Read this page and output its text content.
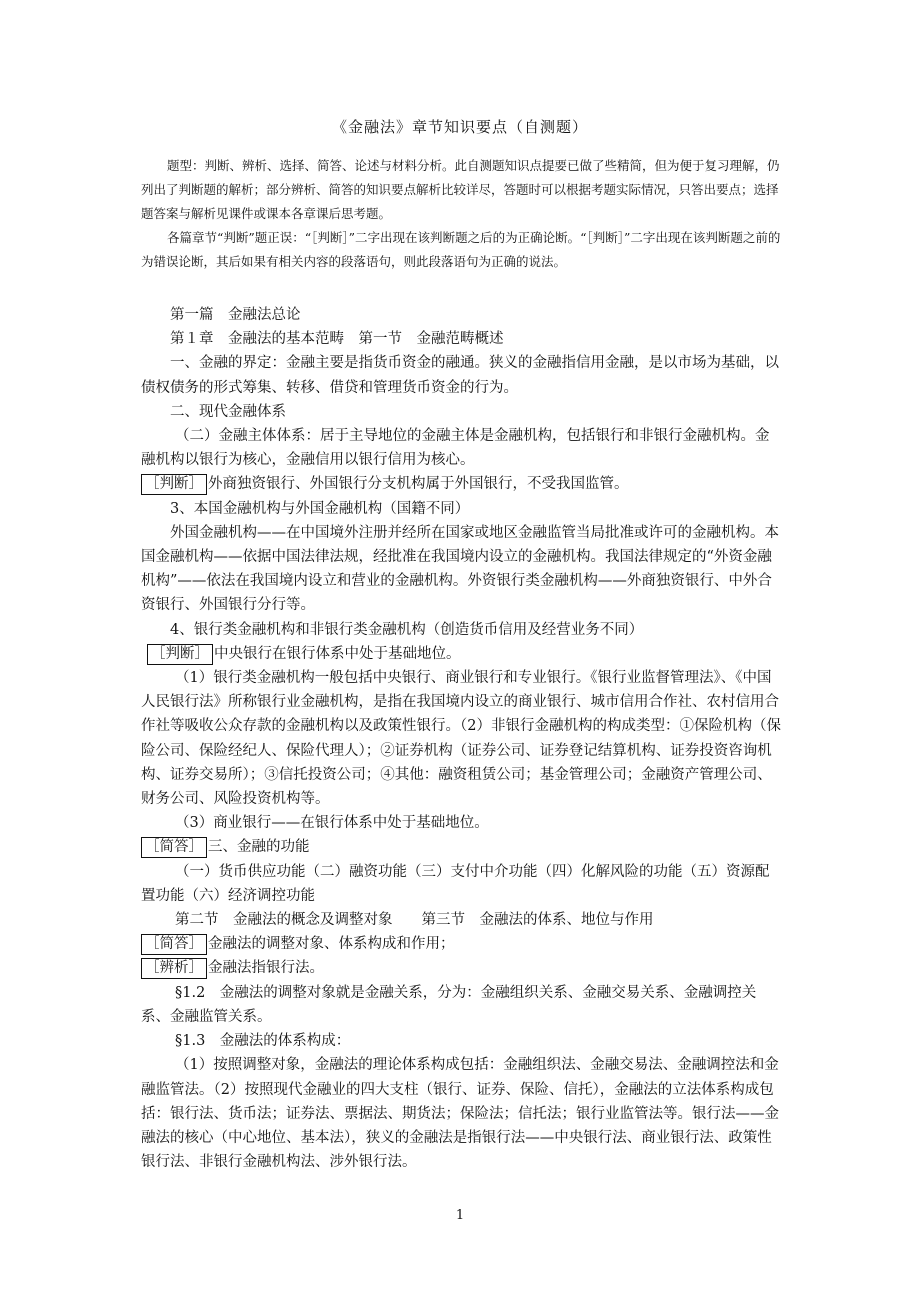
《金融法》章节知识要点（自测题）

题型：判断、辨析、选择、简答、论述与材料分析。此自测题知识点提要已做了些精简，但为便于复习理解，仍列出了判断题的解析；部分辨析、简答的知识要点解析比较详尽，答题时可以根据考题实际情况，只答出要点；选择题答案与解析见课件或课本各章课后思考题。

各篇章节“判断”题正误：“［判断］”二字出现在该判断题之后的为正确论断。“［判断］”二字出现在该判断题之前的为错误论断，其后如果有相关内容的段落语句，则此段落语句为正确的说法。

第一篇　金融法总论

第１章　金融法的基本范畴　第一节　金融范畴概述

一、金融的界定：金融主要是指货币资金的融通。狭义的金融指信用金融，是以市场为基础，以债权债务的形式筹集、转移、借贷和管理货币资金的行为。

二、现代金融体系

（二）金融主体体系：居于主导地位的金融主体是金融机构，包括银行和非银行金融机构。金融机构以银行为核心，金融信用以银行信用为核心。

［判断］ 外商独资银行、外国银行分支机构属于外国银行，不受我国监管。

3、本国金融机构与外国金融机构（国籍不同）

外国金融机构——在中国境外注册并经所在国家或地区金融监管当局批准或许可的金融机构。本国金融机构——依据中国法律法规，经批准在我国境内设立的金融机构。我国法律规定的“外资金融机构”——依法在我国境内设立和营业的金融机构。外资银行类金融机构——外商独资银行、中外合资银行、外国银行分行等。

4、银行类金融机构和非银行类金融机构（创造货币信用及经营业务不同）

［判断］ 中央银行在银行体系中处于基础地位。

（1）银行类金融机构一般包括中央银行、商业银行和专业银行。《银行业监督管理法》、《中国人民银行法》所称银行业金融机构，是指在我国境内设立的商业银行、城市信用合作社、农村信用合作社等吸收公众存款的金融机构以及政策性银行。（2）非银行金融机构的构成类型：①保险机构（保险公司、保险经纪人、保险代理人）；②证券机构（证券公司、证券登记结算机构、证券投资咨询机构、证券交易所）；③信托投资公司；④其他：融资租赁公司；基金管理公司；金融资产管理公司、财务公司、风险投资机构等。

（3）商业银行——在银行体系中处于基础地位。

［简答］ 三、金融的功能

（一）货币供应功能（二）融资功能（三）支付中介功能（四）化解风险的功能（五）资源配置功能（六）经济调控功能

第二节　金融法的概念及调整对象　　第三节　金融法的体系、地位与作用

［简答］ 金融法的调整对象、体系构成和作用；

［辨析］ 金融法指银行法。

§1.2　金融法的调整对象就是金融关系，分为：金融组织关系、金融交易关系、金融调控关系、金融监管关系。

§1.3　金融法的体系构成：

（1）按照调整对象，金融法的理论体系构成包括：金融组织法、金融交易法、金融调控法和金融监管法。（2）按照现代金融业的四大支柱（银行、证券、保险、信托），金融法的立法体系构成包括：银行法、货币法；证券法、票据法、期货法；保险法；信托法；银行业监管法等。银行法——金融法的核心（中心地位、基本法），狭义的金融法是指银行法——中央银行法、商业银行法、政策性银行法、非银行金融机构法、涉外银行法。

1
